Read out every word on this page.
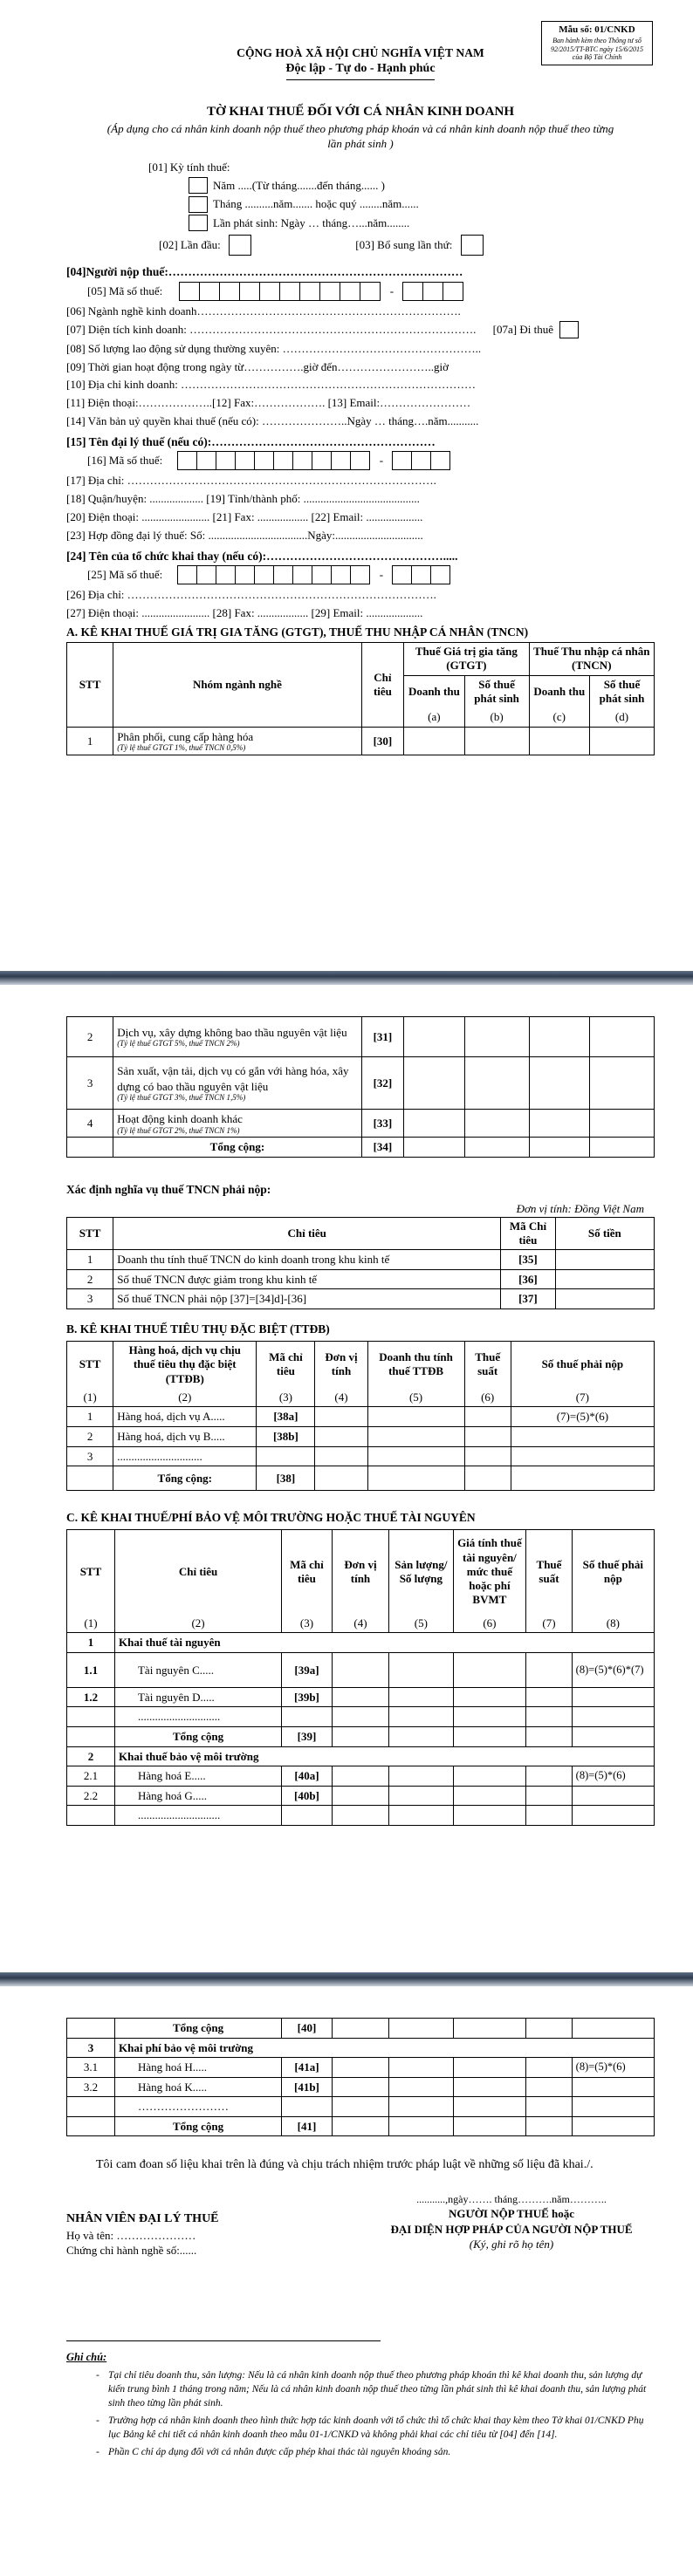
Mẫu số: 01/CNKD
Ban hành kèm theo Thông tư số 92/2015/TT-BTC ngày 15/6/2015 của Bộ Tài Chính
CỘNG HOÀ XÃ HỘI CHỦ NGHĨA VIỆT NAM
Độc lập - Tự do - Hạnh phúc
TỜ KHAI THUẾ ĐỐI VỚI CÁ NHÂN KINH DOANH
(Áp dụng cho cá nhân kinh doanh nộp thuế theo phương pháp khoán và cá nhân kinh doanh nộp thuế theo từng lần phát sinh )
[01] Kỳ tính thuế:
Năm .....(Từ tháng.......đến tháng...... )
Tháng ..........năm....... hoặc quý ........năm......
Lần phát sinh: Ngày … tháng…...năm........
[02] Lần đầu:	[03] Bổ sung lần thứ:
[04]Người nộp thuế:…………………………………………………………………
[05] Mã số thuế:	-
[06] Ngành nghề kinh doanh…………………………………………………………….
[07] Diện tích kinh doanh: …………………………………………………………………. [07a] Đi thuê
[08] Số lượng lao động sử dụng thường xuyên: ……………………………………………..
[09] Thời gian hoạt động trong ngày từ…………….giờ đến……………………..giờ
[10] Địa chỉ kinh doanh: ……………………………………………………………………
[11] Điện thoại:………………..[12] Fax:………………. [13] Email:……………………
[14] Văn bản uỷ quyền khai thuế (nếu có): …………………..Ngày … tháng….năm...........
[15] Tên đại lý thuế (nếu có):…………………………………………………
[16] Mã số thuế:	-
[17] Địa chỉ: ……………………………………………………………………….
[18] Quận/huyện: ................... [19] Tỉnh/thành phố: .........................................
[20] Điện thoại: ........................ [21] Fax: .................. [22] Email: ....................
[23] Hợp đồng đại lý thuế: Số: ...................................Ngày:...............................
[24] Tên của tổ chức khai thay (nếu có):……………………………………….....
[25] Mã số thuế:	-
[26] Địa chỉ: ……………………………………………………………………….
[27] Điện thoại: ........................ [28] Fax: .................. [29] Email: ....................
A. KÊ KHAI THUẾ GIÁ TRỊ GIA TĂNG (GTGT), THUẾ THU NHẬP CÁ NHÂN (TNCN)
STT	Nhóm ngành nghề	Chỉ tiêu	Thuế Giá trị gia tăng (GTGT)		Thuế Thu nhập cá nhân (TNCN)	
			Doanh thu	Số thuế phát sinh	Doanh thu	Số thuế phát sinh
			(a)	(b)	(c)	(d)
1	Phân phối, cung cấp hàng hóa
(Tỷ lệ thuế GTGT 1%, thuế TNCN 0,5%)	[30]				
2	Dịch vụ, xây dựng không bao thầu nguyên vật liệu
(Tỷ lệ thuế GTGT 5%, thuế TNCN 2%)	[31]				
3	Sản xuất, vận tải, dịch vụ có gắn với hàng hóa, xây dựng có bao thầu nguyên vật liệu
(Tỷ lệ thuế GTGT 3%, thuế TNCN 1,5%)	[32]				
4	Hoạt động kinh doanh khác
(Tỷ lệ thuế GTGT 2%, thuế TNCN 1%)	[33]				
	Tổng cộng:	[34]				
Xác định nghĩa vụ thuế TNCN phải nộp:
Đơn vị tính: Đồng Việt Nam
STT	Chỉ tiêu	Mã Chỉ tiêu	Số tiền
1	Doanh thu tính thuế TNCN do kinh doanh trong khu kinh tế	[35]	
2	Số thuế TNCN được giảm trong khu kinh tế	[36]	
3	Số thuế TNCN phải nộp [37]=[34]d]-[36]	[37]	
B. KÊ KHAI THUẾ TIÊU THỤ ĐẶC BIỆT (TTĐB)
STT	Hàng hoá, dịch vụ chịu thuế tiêu thụ đặc biệt (TTĐB)	Mã chỉ tiêu	Đơn vị tính	Doanh thu tính thuế TTĐB	Thuế suất	Số thuế phải nộp
(1)	(2)	(3)	(4)	(5)	(6)	(7)
1	Hàng hoá, dịch vụ A.....	[38a]				(7)=(5)*(6)
2	Hàng hoá, dịch vụ B.....	[38b]				
3	..............................					
	Tổng cộng:	[38]				
C. KÊ KHAI THUẾ/PHÍ BẢO VỆ MÔI TRƯỜNG HOẶC THUẾ TÀI NGUYÊN
STT	Chỉ tiêu	Mã chỉ tiêu	Đơn vị tính	Sản lượng/ Số lượng	Giá tính thuế tài nguyên/ mức thuế hoặc phí BVMT	Thuế suất	Số thuế phải nộp
(1)	(2)	(3)	(4)	(5)	(6)	(7)	(8)
1	Khai thuế tài nguyên						
1.1	Tài nguyên C.....	[39a]					(8)=(5)*(6)*(7)
1.2	Tài nguyên D.....	[39b]					
	.............................						
	Tổng cộng	[39]					
2	Khai thuế bảo vệ môi trường						
2.1	Hàng hoá E.....	[40a]					(8)=(5)*(6)
2.2	Hàng hoá G.....	[40b]					
	.............................						
	Tổng cộng	[40]					
3	Khai phí bảo vệ môi trường						
3.1	Hàng hoá H.....	[41a]					(8)=(5)*(6)
3.2	Hàng hoá K.....	[41b]					
	……………………						
	Tổng cộng	[41]					
Tôi cam đoan số liệu khai trên là đúng và chịu trách nhiệm trước pháp luật về những số liệu đã khai./.
NHÂN VIÊN ĐẠI LÝ THUẾ
Họ và tên: …………………
Chứng chỉ hành nghề số:......
...........,ngày……. tháng……….năm………..
NGƯỜI NỘP THUẾ hoặc
ĐẠI DIỆN HỢP PHÁP CỦA NGƯỜI NỘP THUẾ
(Ký, ghi rõ họ tên)
Ghi chú:
- Tại chỉ tiêu doanh thu, sản lượng: Nếu là cá nhân kinh doanh nộp thuế theo phương pháp khoán thì kê khai doanh thu, sản lượng dự kiến trung bình 1 tháng trong năm; Nếu là cá nhân kinh doanh nộp thuế theo từng lần phát sinh thì kê khai doanh thu, sản lượng phát sinh theo từng lần phát sinh.
- Trường hợp cá nhân kinh doanh theo hình thức hợp tác kinh doanh với tổ chức thì tổ chức khai thay kèm theo Tờ khai 01/CNKD Phụ lục Bảng kê chi tiết cá nhân kinh doanh theo mẫu 01-1/CNKD và không phải khai các chỉ tiêu từ [04] đến [14].
- Phần C chỉ áp dụng đối với cá nhân được cấp phép khai thác tài nguyên khoáng sản.
